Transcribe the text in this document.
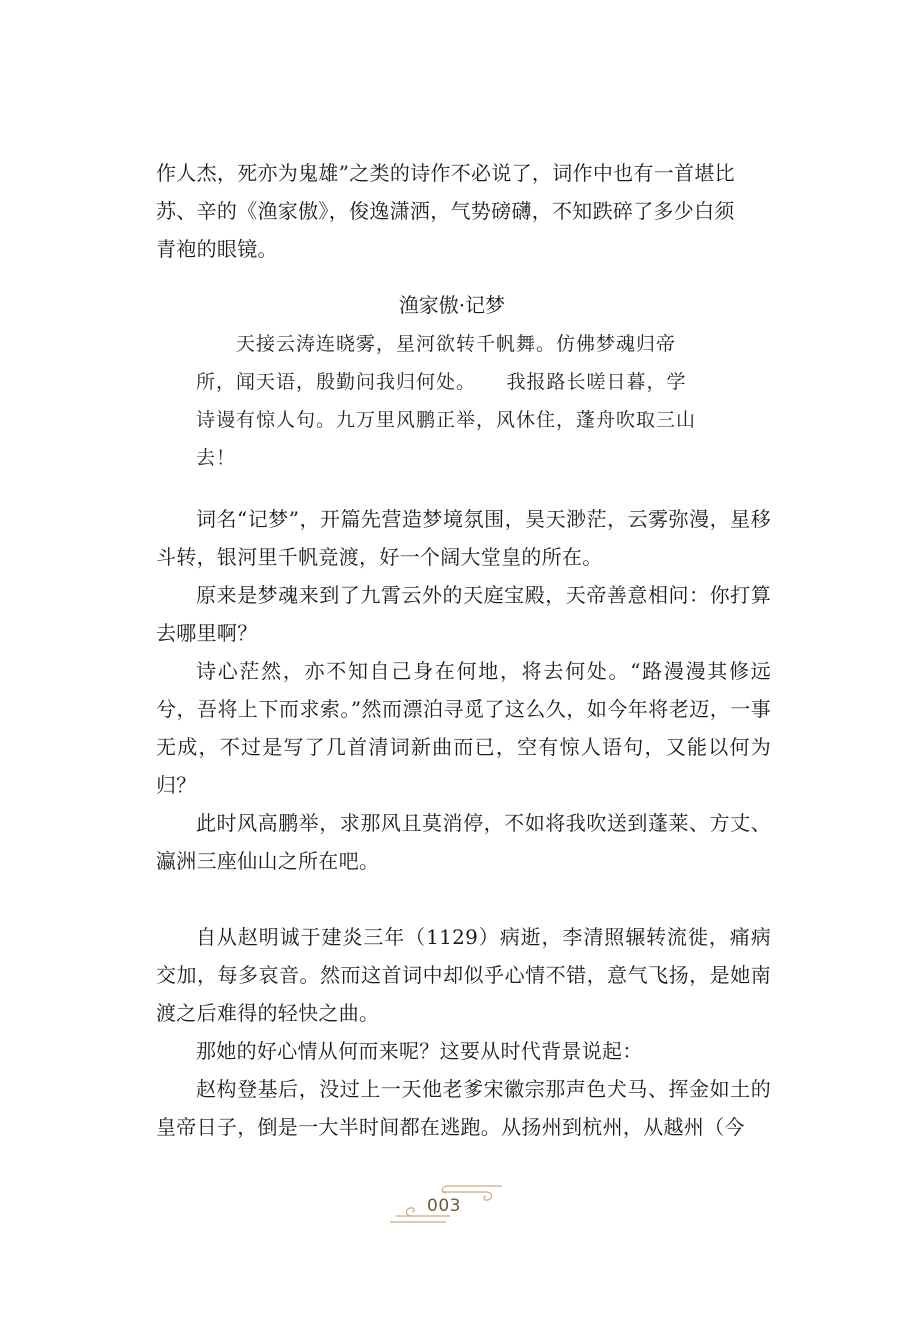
作人杰，死亦为鬼雄”之类的诗作不必说了，词作中也有一首堪比
苏、辛的《渔家傲》，俊逸潇洒，气势磅礴，不知跌碎了多少白须
青袍的眼镜。

渔家傲·记梦
天接云涛连晓雾，星河欲转千帆舞。仿佛梦魂归帝
所，闻天语，殷勤问我归何处。　　我报路长嗟日暮，学
诗谩有惊人句。九万里风鹏正举，风休住，蓬舟吹取三山
去！

词名“记梦”，开篇先营造梦境氛围，昊天渺茫，云雾弥漫，星移斗转，银河里千帆竞渡，好一个阔大堂皇的所在。

原来是梦魂来到了九霄云外的天庭宝殿，天帝善意相问：你打算去哪里啊？

诗心茫然，亦不知自己身在何地，将去何处。“路漫漫其修远兮，吾将上下而求索。”然而漂泊寻觅了这么久，如今年将老迈，一事无成，不过是写了几首清词新曲而已，空有惊人语句，又能以何为归？

此时风高鹏举，求那风且莫消停，不如将我吹送到蓬莱、方丈、瀛洲三座仙山之所在吧。

自从赵明诚于建炎三年（1129）病逝，李清照辗转流徙，痛病交加，每多哀音。然而这首词中却似乎心情不错，意气飞扬，是她南渡之后难得的轻快之曲。

那她的好心情从何而来呢？这要从时代背景说起：

赵构登基后，没过上一天他老爹宋徽宗那声色犬马、挥金如土的皇帝日子，倒是一大半时间都在逃跑。从扬州到杭州，从越州（今

003
